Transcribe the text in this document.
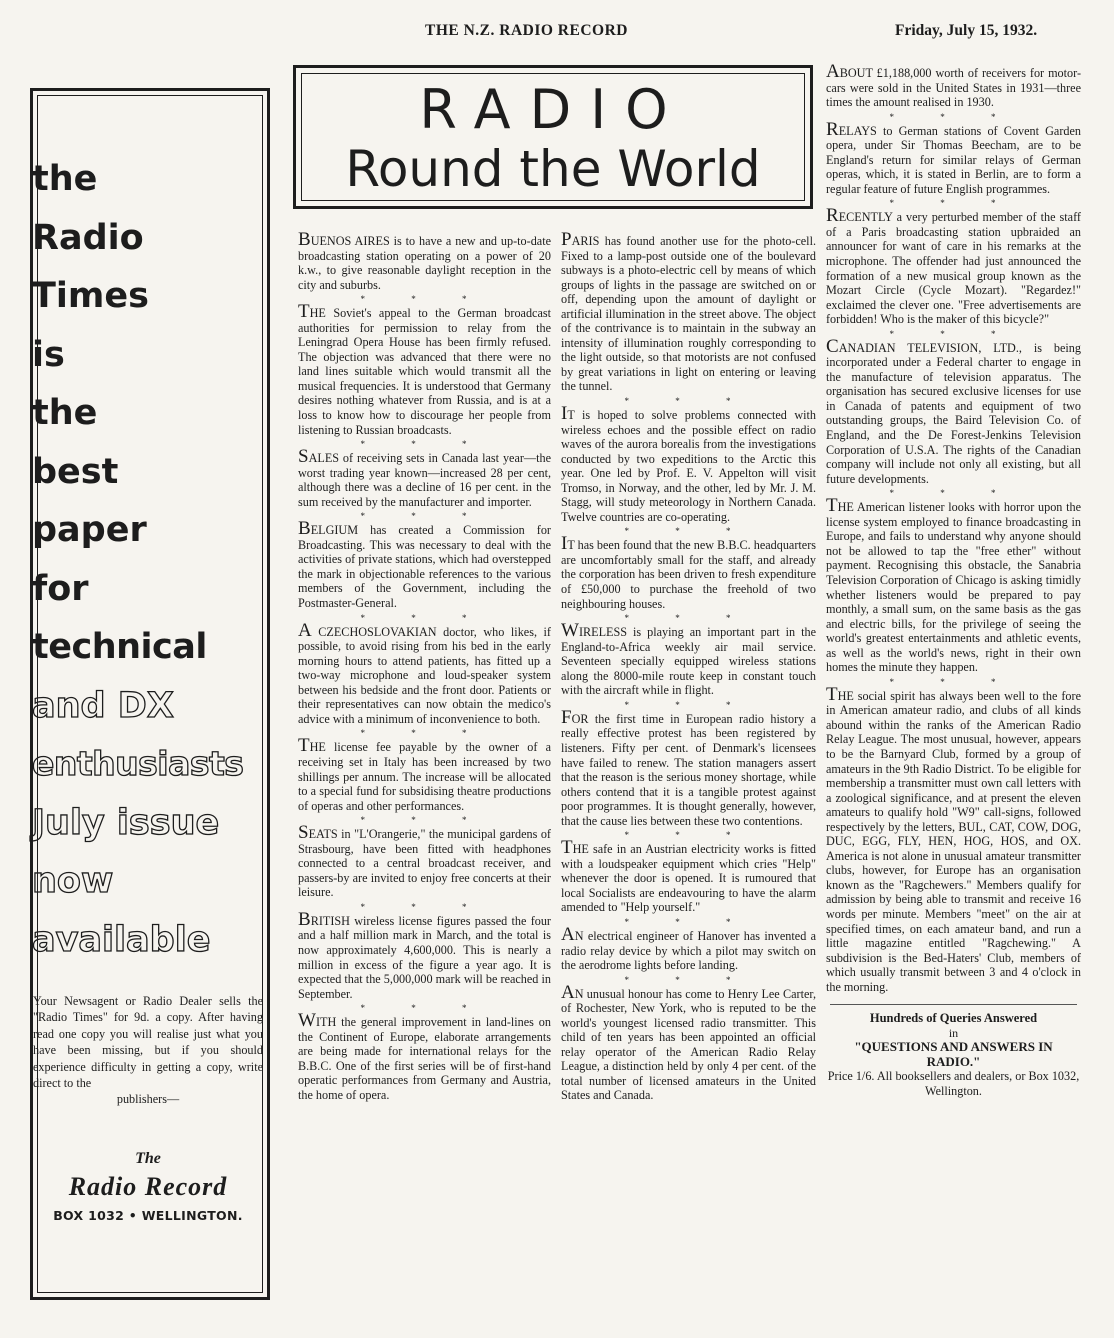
THE N.Z. RADIO RECORD	Friday, July 15, 1932.
the
Radio
Times
is
the
best
paper
for
technical
and DX
enthusiasts
July issue
now
available
Your Newsagent or Radio Dealer sells the "Radio Times" for 9d. a copy. After having read one copy you will realise just what you have been missing, but if you should experience difficulty in getting a copy, write direct to the
publishers—
The
Radio Record
BOX 1032 • WELLINGTON.
RADIO
Round the World

BUENOS AIRES is to have a new and up-to-date broadcasting station operating on a power of 20 k.w., to give reasonable daylight reception in the city and suburbs.

* * *

THE Soviet's appeal to the German broadcast authorities for permission to relay from the Leningrad Opera House has been firmly refused. The objection was advanced that there were no land lines suitable which would transmit all the musical frequencies. It is understood that Germany desires nothing whatever from Russia, and is at a loss to know how to discourage her people from listening to Russian broadcasts.

* * *

SALES of receiving sets in Canada last year—the worst trading year known—increased 28 per cent, although there was a decline of 16 per cent. in the sum received by the manufacturer and importer.

* * *

BELGIUM has created a Commission for Broadcasting. This was necessary to deal with the activities of private stations, which had overstepped the mark in objectionable references to the various members of the Government, including the Postmaster-General.

* * *

A CZECHOSLOVAKIAN doctor, who likes, if possible, to avoid rising from his bed in the early morning hours to attend patients, has fitted up a two-way microphone and loud-speaker system between his bedside and the front door. Patients or their representatives can now obtain the medico's advice with a minimum of inconvenience to both.

* * *

THE license fee payable by the owner of a receiving set in Italy has been increased by two shillings per annum. The increase will be allocated to a special fund for subsidising theatre productions of operas and other performances.

* * *

SEATS in "L'Orangerie," the municipal gardens of Strasbourg, have been fitted with headphones connected to a central broadcast receiver, and passers-by are invited to enjoy free concerts at their leisure.

* * *

BRITISH wireless license figures passed the four and a half million mark in March, and the total is now approximately 4,600,000. This is nearly a million in excess of the figure a year ago. It is expected that the 5,000,000 mark will be reached in September.

* * *

WITH the general improvement in land-lines on the Continent of Europe, elaborate arrangements are being made for international relays for the B.B.C. One of the first series will be of first-hand operatic performances from Germany and Austria, the home of opera.

PARIS has found another use for the photo-cell. Fixed to a lamp-post outside one of the boulevard subways is a photo-electric cell by means of which groups of lights in the passage are switched on or off, depending upon the amount of daylight or artificial illumination in the street above. The object of the contrivance is to maintain in the subway an intensity of illumination roughly corresponding to the light outside, so that motorists are not confused by great variations in light on entering or leaving the tunnel.

* * *

IT is hoped to solve problems connected with wireless echoes and the possible effect on radio waves of the aurora borealis from the investigations conducted by two expeditions to the Arctic this year. One led by Prof. E. V. Appelton will visit Tromso, in Norway, and the other, led by Mr. J. M. Stagg, will study meteorology in Northern Canada. Twelve countries are co-operating.

* * *

IT has been found that the new B.B.C. headquarters are uncomfortably small for the staff, and already the corporation has been driven to fresh expenditure of £50,000 to purchase the freehold of two neighbouring houses.

* * *

WIRELESS is playing an important part in the England-to-Africa weekly air mail service. Seventeen specially equipped wireless stations along the 8000-mile route keep in constant touch with the aircraft while in flight.

* * *

FOR the first time in European radio history a really effective protest has been registered by listeners. Fifty per cent. of Denmark's licensees have failed to renew. The station managers assert that the reason is the serious money shortage, while others contend that it is a tangible protest against poor programmes. It is thought generally, however, that the cause lies between these two contentions.

* * *

THE safe in an Austrian electricity works is fitted with a loudspeaker equipment which cries "Help" whenever the door is opened. It is rumoured that local Socialists are endeavouring to have the alarm amended to "Help yourself."

* * *

AN electrical engineer of Hanover has invented a radio relay device by which a pilot may switch on the aerodrome lights before landing.

* * *

AN unusual honour has come to Henry Lee Carter, of Rochester, New York, who is reputed to be the world's youngest licensed radio transmitter. This child of ten years has been appointed an official relay operator of the American Radio Relay League, a distinction held by only 4 per cent. of the total number of licensed amateurs in the United States and Canada.

ABOUT £1,188,000 worth of receivers for motor-cars were sold in the United States in 1931—three times the amount realised in 1930.

* * *

RELAYS to German stations of Covent Garden opera, under Sir Thomas Beecham, are to be England's return for similar relays of German operas, which, it is stated in Berlin, are to form a regular feature of future English programmes.

* * *

RECENTLY a very perturbed member of the staff of a Paris broadcasting station upbraided an announcer for want of care in his remarks at the microphone. The offender had just announced the formation of a new musical group known as the Mozart Circle (Cycle Mozart). "Regardez!" exclaimed the clever one. "Free advertisements are forbidden! Who is the maker of this bicycle?"

* * *

CANADIAN TELEVISION, LTD., is being incorporated under a Federal charter to engage in the manufacture of television apparatus. The organisation has secured exclusive licenses for use in Canada of patents and equipment of two outstanding groups, the Baird Television Co. of England, and the De Forest-Jenkins Television Corporation of U.S.A. The rights of the Canadian company will include not only all existing, but all future developments.

* * *

THE American listener looks with horror upon the license system employed to finance broadcasting in Europe, and fails to understand why anyone should not be allowed to tap the "free ether" without payment. Recognising this obstacle, the Sanabria Television Corporation of Chicago is asking timidly whether listeners would be prepared to pay monthly, a small sum, on the same basis as the gas and electric bills, for the privilege of seeing the world's greatest entertainments and athletic events, as well as the world's news, right in their own homes the minute they happen.

* * *

THE social spirit has always been well to the fore in American amateur radio, and clubs of all kinds abound within the ranks of the American Radio Relay League. The most unusual, however, appears to be the Barnyard Club, formed by a group of amateurs in the 9th Radio District. To be eligible for membership a transmitter must own call letters with a zoological significance, and at present the eleven amateurs to qualify hold "W9" call-signs, followed respectively by the letters, BUL, CAT, COW, DOG, DUC, EGG, FLY, HEN, HOG, HOS, and OX. America is not alone in unusual amateur transmitter clubs, however, for Europe has an organisation known as the "Ragchewers." Members qualify for admission by being able to transmit and receive 16 words per minute. Members "meet" on the air at specified times, on each amateur band, and run a little magazine entitled "Ragchewing." A subdivision is the Bed-Haters' Club, members of which usually transmit between 3 and 4 o'clock in the morning.

Hundreds of Queries Answered
in
"QUESTIONS AND ANSWERS IN RADIO."
Price 1/6. All booksellers and dealers, or Box 1032, Wellington.
